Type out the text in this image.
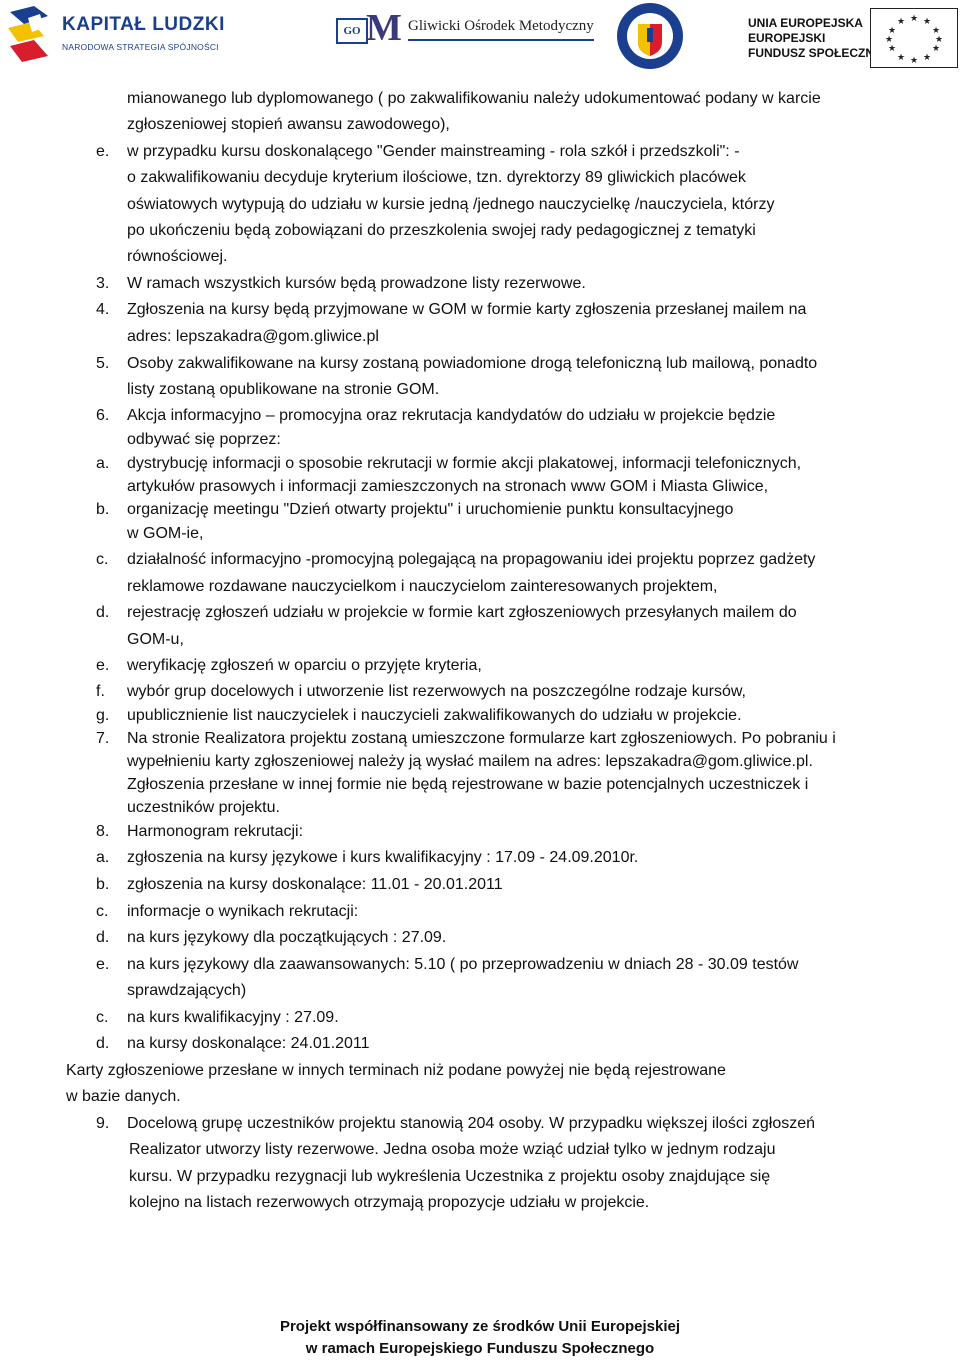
KAPITAŁ LUDZKI
NARODOWA STRATEGIA SPÓJNOŚCI
GO M Gliwicki Ośrodek Metodyczny	UNIA EUROPEJSKA
EUROPEJSKI
FUNDUSZ SPOŁECZNY
★ ★
★
★
★
★
★
★
★
★
★
★
mianowanego lub dyplomowanego ( po zakwalifikowaniu należy udokumentować podany w karcie
zgłoszeniowej stopień awansu zawodowego),
e. w przypadku kursu doskonalącego "Gender mainstreaming - rola szkół i przedszkoli": -
o zakwalifikowaniu decyduje kryterium ilościowe, tzn. dyrektorzy 89 gliwickich placówek
oświatowych wytypują do udziału w kursie jedną /jednego nauczycielkę /nauczyciela, którzy
po ukończeniu będą zobowiązani do przeszkolenia swojej rady pedagogicznej z tematyki
równościowej.
3. W ramach wszystkich kursów będą prowadzone listy rezerwowe.
4. Zgłoszenia na kursy będą przyjmowane w GOM w formie karty zgłoszenia przesłanej mailem na
adres: lepszakadra@gom.gliwice.pl
5. Osoby zakwalifikowane na kursy zostaną powiadomione drogą telefoniczną lub mailową, ponadto
listy zostaną opublikowane na stronie GOM.
6. Akcja informacyjno – promocyjna oraz rekrutacja kandydatów do udziału w projekcie będzie
odbywać się poprzez:
a. dystrybucję informacji o sposobie rekrutacji w formie akcji plakatowej, informacji telefonicznych,
artykułów prasowych i informacji zamieszczonych na stronach www GOM i Miasta Gliwice,
b. organizację meetingu "Dzień otwarty projektu" i uruchomienie punktu konsultacyjnego
w GOM-ie,
c. działalność informacyjno -promocyjną polegającą na propagowaniu idei projektu poprzez gadżety
reklamowe rozdawane nauczycielkom i nauczycielom zainteresowanych projektem,
d. rejestrację zgłoszeń udziału w projekcie w formie kart zgłoszeniowych przesyłanych mailem do
GOM-u,
e. weryfikację zgłoszeń w oparciu o przyjęte kryteria,
f. wybór grup docelowych i utworzenie list rezerwowych na poszczególne rodzaje kursów,
g. upublicznienie list nauczycielek i nauczycieli zakwalifikowanych do udziału w projekcie.
7. Na stronie Realizatora projektu zostaną umieszczone formularze kart zgłoszeniowych. Po pobraniu i
wypełnieniu karty zgłoszeniowej należy ją wysłać mailem na adres: lepszakadra@gom.gliwice.pl.
Zgłoszenia przesłane w innej formie nie będą rejestrowane w bazie potencjalnych uczestniczek i
uczestników projektu.
8. Harmonogram rekrutacji:
a. zgłoszenia na kursy językowe i kurs kwalifikacyjny : 17.09 - 24.09.2010r.
b. zgłoszenia na kursy doskonalące: 11.01 - 20.01.2011
c. informacje o wynikach rekrutacji:
d. na kurs językowy dla początkujących : 27.09.
e. na kurs językowy dla zaawansowanych: 5.10 ( po przeprowadzeniu w dniach 28 - 30.09 testów
sprawdzających)
c. na kurs kwalifikacyjny : 27.09.
d. na kursy doskonalące: 24.01.2011
Karty zgłoszeniowe przesłane w innych terminach niż podane powyżej nie będą rejestrowane
w bazie danych.
9. Docelową grupę uczestników projektu stanowią 204 osoby. W przypadku większej ilości zgłoszeń
Realizator utworzy listy rezerwowe. Jedna osoba może wziąć udział tylko w jednym rodzaju
kursu. W przypadku rezygnacji lub wykreślenia Uczestnika z projektu osoby znajdujące się
kolejno na listach rezerwowych otrzymają propozycje udziału w projekcie.
Projekt współfinansowany ze środków Unii Europejskiej
w ramach Europejskiego Funduszu Społecznego
